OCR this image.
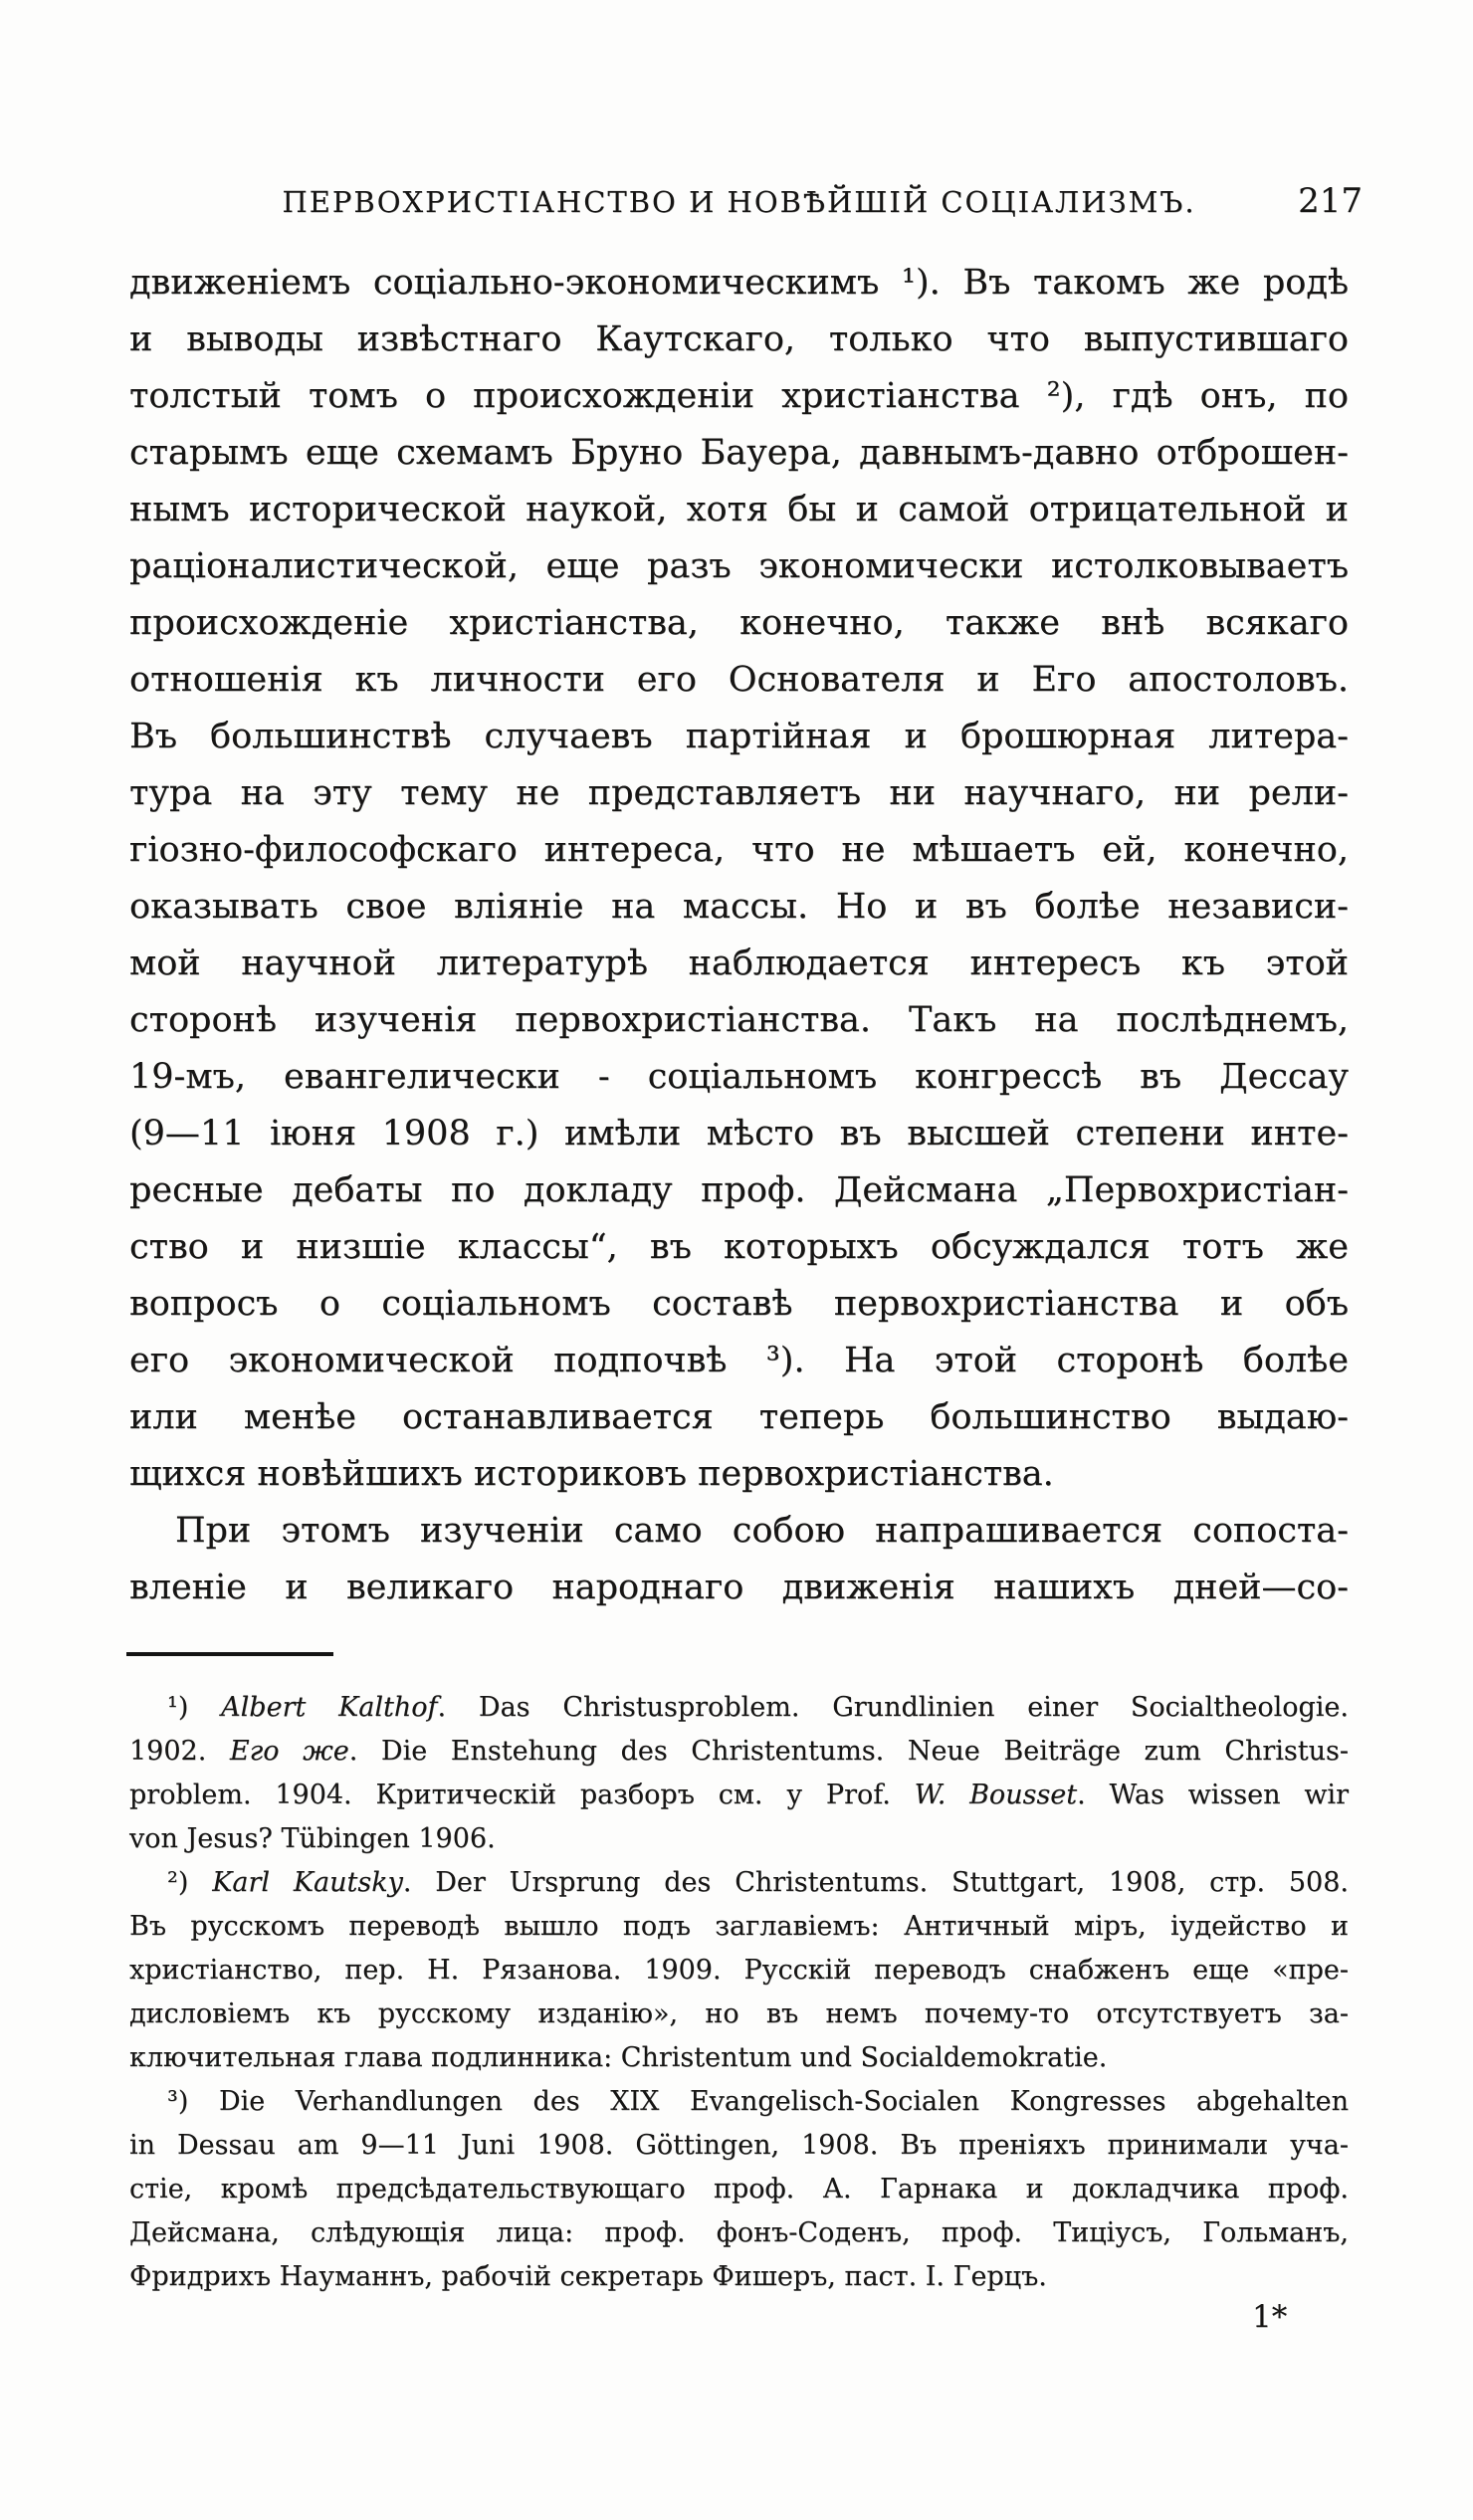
ПЕРВОХРИСТІАНСТВО И НОВѢЙШІЙ СОЦІАЛИЗМЪ.	217
движеніемъ соціально-экономическимъ ¹). Въ такомъ же родѣ
и выводы извѣстнаго Каутскаго, только что выпустившаго
толстый томъ о происхожденіи христіанства ²), гдѣ онъ, по
старымъ еще схемамъ Бруно Бауера, давнымъ-давно отброшен-
нымъ исторической наукой, хотя бы и самой отрицательной и
раціоналистической, еще разъ экономически истолковываетъ
происхожденіе христіанства, конечно, также внѣ всякаго
отношенія къ личности его Основателя и Его апостоловъ.
Въ большинствѣ случаевъ партійная и брошюрная литера-
тура на эту тему не представляетъ ни научнаго, ни рели-
гіозно-философскаго интереса, что не мѣшаетъ ей, конечно,
оказывать свое вліяніе на массы. Но и въ болѣе независи-
мой научной литературѣ наблюдается интересъ къ этой
сторонѣ изученія первохристіанства. Такъ на послѣднемъ,
19-мъ, евангелически - соціальномъ конгрессѣ въ Дессау
(9—11 іюня 1908 г.) имѣли мѣсто въ высшей степени инте-
ресные дебаты по докладу проф. Дейсмана „Первохристіан-
ство и низшіе классы“, въ которыхъ обсуждался тотъ же
вопросъ о соціальномъ составѣ первохристіанства и объ
его экономической подпочвѣ ³). На этой сторонѣ болѣе
или менѣе останавливается теперь большинство выдаю-
щихся новѣйшихъ историковъ первохристіанства.
При этомъ изученіи само собою напрашивается сопоста-
вленіе и великаго народнаго движенія нашихъ дней—со-
¹) Albert Kalthof. Das Christusproblem. Grundlinien einer Socialtheologie.
1902. Его же. Die Enstehung des Christentums. Neue Beiträge zum Christus-
problem. 1904. Критическій разборъ см. у Prof. W. Bousset. Was wissen wir
von Jesus? Tübingen 1906.
²) Karl Kautsky. Der Ursprung des Christentums. Stuttgart, 1908, стр. 508.
Въ русскомъ переводѣ вышло подъ заглавіемъ: Античный міръ, іудейство и
христіанство, пер. Н. Рязанова. 1909. Русскій переводъ снабженъ еще «пре-
дисловіемъ къ русскому изданію», но въ немъ почему-то отсутствуетъ за-
ключительная глава подлинника: Christentum und Socialdemokratie.
³) Die Verhandlungen des XIX Evangelisch-Socialen Kongresses abgehalten
in Dessau am 9—11 Juni 1908. Göttingen, 1908. Въ преніяхъ принимали уча-
стіе, кромѣ предсѣдательствующаго проф. А. Гарнака и докладчика проф.
Дейсмана, слѣдующія лица: проф. фонъ-Соденъ, проф. Тиціусъ, Гольманъ,
Фридрихъ Науманнъ, рабочій секретарь Фишеръ, паст. І. Герцъ.
1*
